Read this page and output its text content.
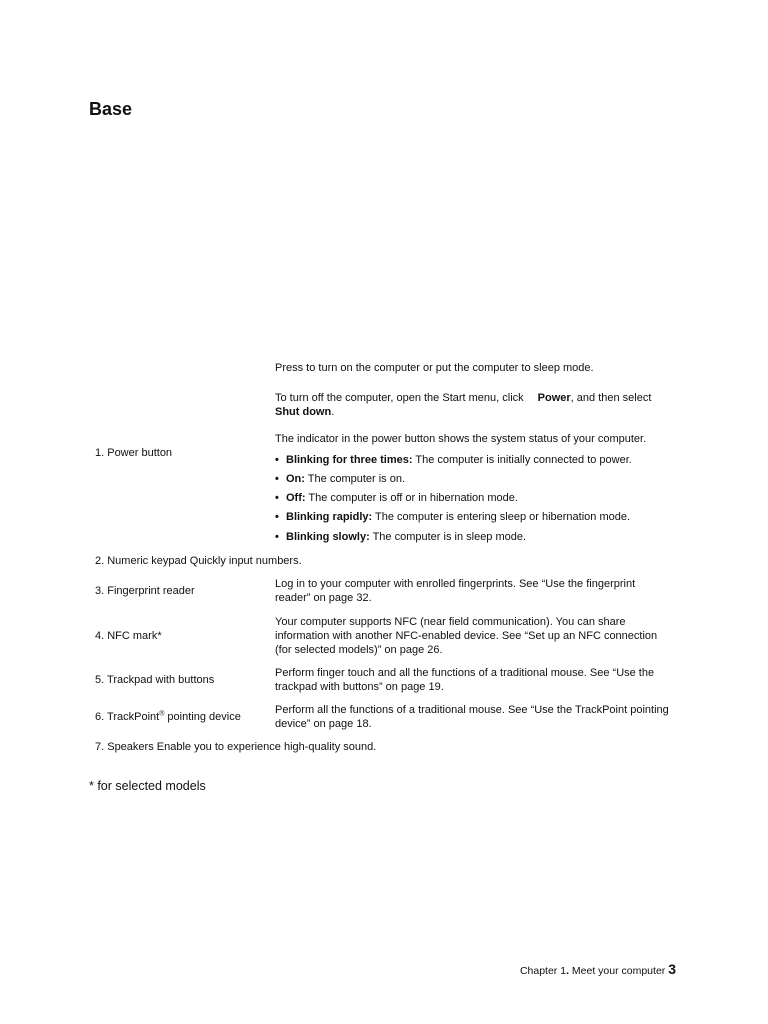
Base

Press to turn on the computer or put the computer to sleep mode.

To turn off the computer, open the Start menu, click Power, and then select
Shut down.

The indicator in the power button shows the system status of your computer.

1. Power button

• Blinking for three times: The computer is initially connected to power.
• On: The computer is on.
• Off: The computer is off or in hibernation mode.
• Blinking rapidly: The computer is entering sleep or hibernation mode.
• Blinking slowly: The computer is in sleep mode.

2. Numeric keypad Quickly input numbers.

Log in to your computer with enrolled fingerprints. See “Use the fingerprint
reader” on page 32.

3. Fingerprint reader

Your computer supports NFC (near field communication). You can share
information with another NFC-enabled device. See “Set up an NFC connection
(for selected models)” on page 26.

4. NFC mark*

Perform finger touch and all the functions of a traditional mouse. See “Use the
trackpad with buttons” on page 19.

5. Trackpad with buttons

Perform all the functions of a traditional mouse. See “Use the TrackPoint pointing
device” on page 18.

6. TrackPoint® pointing device

7. Speakers Enable you to experience high-quality sound.

* for selected models
Chapter 1. Meet your computer 3
